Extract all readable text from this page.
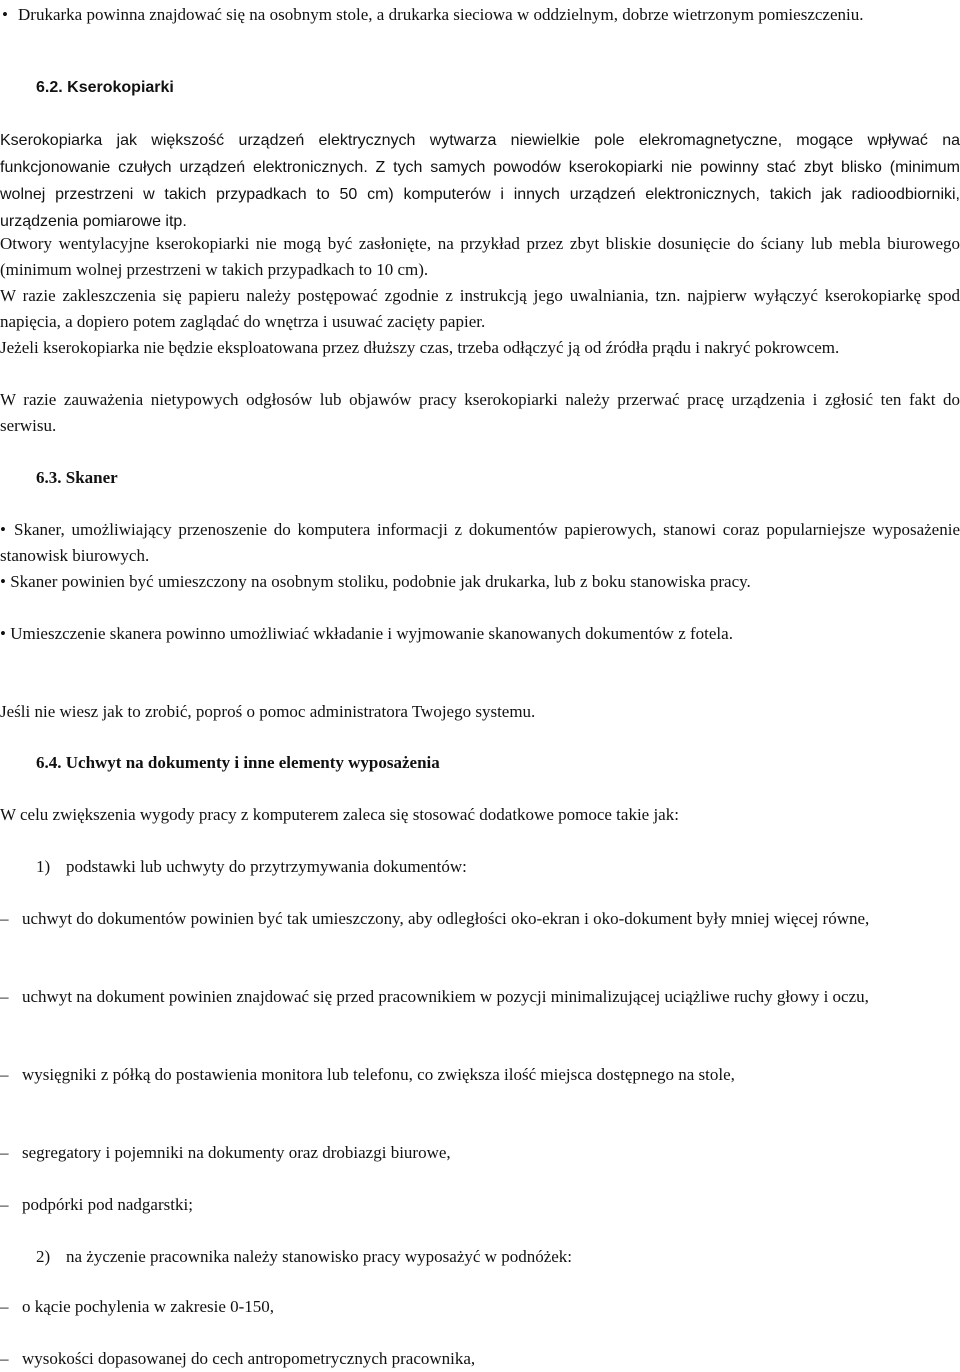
• Drukarka powinna znajdować się na osobnym stole, a drukarka sieciowa w oddzielnym, dobrze wietrzonym pomieszczeniu.
6.2. Kserokopiarki

Kserokopiarka jak większość urządzeń elektrycznych wytwarza niewielkie pole elekromagnetyczne, mogące wpływać na funkcjonowanie czułych urządzeń elektronicznych. Z tych samych powodów kserokopiarki nie powinny stać zbyt blisko (minimum wolnej przestrzeni w takich przypadkach to 50 cm) komputerów i innych urządzeń elektronicznych, takich jak radioodbiorniki, urządzenia pomiarowe itp.

Otwory wentylacyjne kserokopiarki nie mogą być zasłonięte, na przykład przez zbyt bliskie dosunięcie do ściany lub mebla biurowego (minimum wolnej przestrzeni w takich przypadkach to 10 cm).

W razie zakleszczenia się papieru należy postępować zgodnie z instrukcją jego uwalniania, tzn. najpierw wyłączyć kserokopiarkę spod napięcia, a dopiero potem zaglądać do wnętrza i usuwać zacięty papier.

Jeżeli kserokopiarka nie będzie eksploatowana przez dłuższy czas, trzeba odłączyć ją od źródła prądu i nakryć pokrowcem.

W razie zauważenia nietypowych odgłosów lub objawów pracy kserokopiarki należy przerwać pracę urządzenia i zgłosić ten fakt do serwisu.

6.3. Skaner

• Skaner, umożliwiający przenoszenie do komputera informacji z dokumentów papierowych, stanowi coraz popularniejsze wyposażenie stanowisk biurowych.

• Skaner powinien być umieszczony na osobnym stoliku, podobnie jak drukarka, lub z boku stanowiska pracy.

• Umieszczenie skanera powinno umożliwiać wkładanie i wyjmowanie skanowanych dokumentów z fotela.

Jeśli nie wiesz jak to zrobić, poproś o pomoc administratora Twojego systemu.

6.4. Uchwyt na dokumenty i inne elementy wyposażenia

W celu zwiększenia wygody pracy z komputerem zaleca się stosować dodatkowe pomoce takie jak:

1) podstawki lub uchwyty do przytrzymywania dokumentów:

– uchwyt do dokumentów powinien być tak umieszczony, aby odległości oko-ekran i oko-dokument były mniej więcej równe,

– uchwyt na dokument powinien znajdować się przed pracownikiem w pozycji minimalizującej uciążliwe ruchy głowy i oczu,

– wysięgniki z półką do postawienia monitora lub telefonu, co zwiększa ilość miejsca dostępnego na stole,

– segregatory i pojemniki na dokumenty oraz drobiazgi biurowe,

– podpórki pod nadgarstki;

2) na życzenie pracownika należy stanowisko pracy wyposażyć w podnóżek:

– o kącie pochylenia w zakresie 0-150,

– wysokości dopasowanej do cech antropometrycznych pracownika,
